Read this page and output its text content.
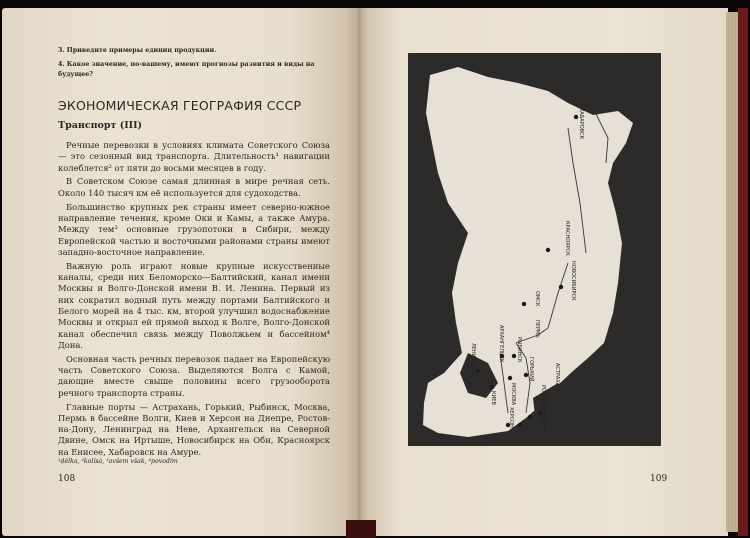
3. Приведите примеры единиц продукции.
4. Какое значение, по-вашему, имеют прогнозы развития и виды на будущее?
ЭКОНОМИЧЕСКАЯ ГЕОГРАФИЯ СССР
Транспорт (III)

Речные перевозки в условиях климата Советского Союза — это сезонный вид транспорта. Длительность¹ навигации колеблется² от пяти до восьми месяцев в году.

В Советском Союзе самая длинная в мире речная сеть. Около 140 тысяч км её используется для судоходства.

Большинство крупных рек страны имеет северно-южное направление течения, кроме Оки и Камы, а также Амура. Между тем³ основные грузопотоки в Сибири, между Европейской частью и восточными районами страны имеют западно-восточное направление.

Важную роль играют новые крупные искусственные каналы, среди них Беломорско—Балтийский, канал имени Москвы и Волго-Донской имени В. И. Ленина. Первый из них сократил водный путь между портами Балтийского и Белого морей на 4 тыс. км, второй улучшил водоснабжение Москвы и открыл ей прямой выход к Волге, Волго-Донской канал обеспечил связь между Поволжьем и бассейном⁴ Дона.

Основная часть речных перевозок падает на Европейскую часть Советского Союза. Выделяются Волга с Камой, дающие вместе свыше половины всего грузооборота речного транспорта страны.

Главные порты — Астрахань, Горький, Рыбинск, Москва, Пермь в бассейне Волги, Киев и Херсон на Днепре, Ростов-на-Дону, Ленинград на Неве, Архангельск на Северной Двине, Омск на Иртыше, Новосибирск на Оби, Красноярск на Енисее, Хабаровск на Амуре.

¹délka, ²kolísá, ³avšem však, ⁴povodím
108	109
ХАБАРОВСК
КРАСНОЯРСК
НОВОСИБИРСК
ОМСК
ПЕРМЬ
АРХАНГЕЛЬСК РЫБИНСК
ГОРЬКИЙ
ЛЕНИНГРАД
МОСКВА
АСТРАХАНЬ
КИЕВ
ХЕРСОН	РОСТОВ НА ДОНУ
